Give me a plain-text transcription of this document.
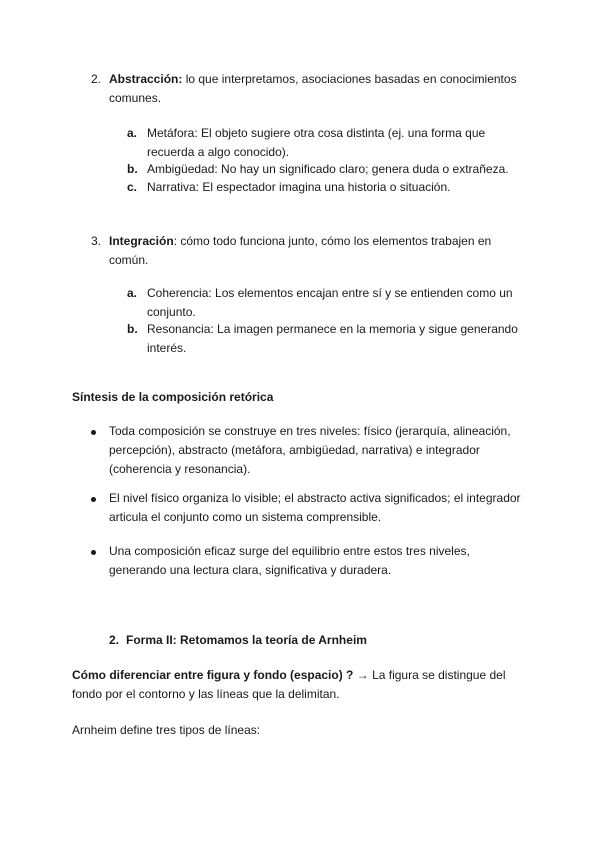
2. Abstracción: lo que interpretamos, asociaciones basadas en conocimientos comunes.
a. Metáfora: El objeto sugiere otra cosa distinta (ej. una forma que recuerda a algo conocido).
b. Ambigüedad: No hay un significado claro; genera duda o extrañeza.
c. Narrativa: El espectador imagina una historia o situación.
3. Integración: cómo todo funciona junto, cómo los elementos trabajen en común.
a. Coherencia: Los elementos encajan entre sí y se entienden como un conjunto.
b. Resonancia: La imagen permanece en la memoria y sigue generando interés.
Síntesis de la composición retórica
Toda composición se construye en tres niveles: físico (jerarquía, alineación, percepción), abstracto (metáfora, ambigüedad, narrativa) e integrador (coherencia y resonancia).
El nivel físico organiza lo visible; el abstracto activa significados; el integrador articula el conjunto como un sistema comprensible.
Una composición eficaz surge del equilibrio entre estos tres niveles, generando una lectura clara, significativa y duradera.
2. Forma II: Retomamos la teoría de Arnheim
Cómo diferenciar entre figura y fondo (espacio) ? → La figura se distingue del fondo por el contorno y las líneas que la delimitan.
Arnheim define tres tipos de líneas:
